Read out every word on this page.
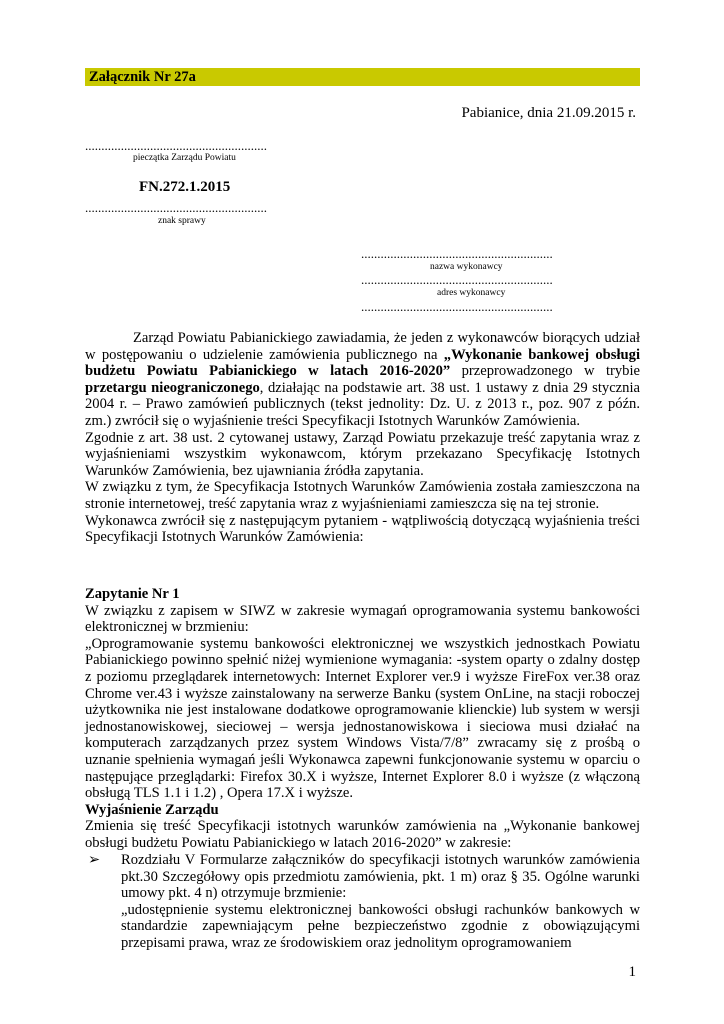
Załącznik Nr 27a
Pabianice, dnia 21.09.2015 r.
........................................................
pieczątka Zarządu Powiatu
FN.272.1.2015
........................................................
znak sprawy
...........................................................
nazwa wykonawcy
...........................................................
adres wykonawcy
...........................................................

Zarząd Powiatu Pabianickiego zawiadamia, że jeden z wykonawców biorących udział w postępowaniu o udzielenie zamówienia publicznego na „Wykonanie bankowej obsługi budżetu Powiatu Pabianickiego w latach 2016-2020” przeprowadzonego w trybie przetargu nieograniczonego, działając na podstawie art. 38 ust. 1 ustawy z dnia 29 stycznia 2004 r. – Prawo zamówień publicznych (tekst jednolity: Dz. U. z 2013 r., poz. 907 z późn. zm.) zwrócił się o wyjaśnienie treści Specyfikacji Istotnych Warunków Zamówienia.

Zgodnie z art. 38 ust. 2 cytowanej ustawy, Zarząd Powiatu przekazuje treść zapytania wraz z wyjaśnieniami wszystkim wykonawcom, którym przekazano Specyfikację Istotnych Warunków Zamówienia, bez ujawniania źródła zapytania.

W związku z tym, że Specyfikacja Istotnych Warunków Zamówienia została zamieszczona na stronie internetowej, treść zapytania wraz z wyjaśnieniami zamieszcza się na tej stronie.

Wykonawca zwrócił się z następującym pytaniem - wątpliwością dotyczącą wyjaśnienia treści Specyfikacji Istotnych Warunków Zamówienia:

Zapytanie Nr 1

W związku z zapisem w SIWZ w zakresie wymagań oprogramowania systemu bankowości elektronicznej w brzmieniu:

„Oprogramowanie systemu bankowości elektronicznej we wszystkich jednostkach Powiatu Pabianickiego powinno spełnić niżej wymienione wymagania: -system oparty o zdalny dostęp z poziomu przeglądarek internetowych: Internet Explorer ver.9 i wyższe FireFox ver.38 oraz Chrome ver.43 i wyższe zainstalowany na serwerze Banku (system OnLine, na stacji roboczej użytkownika nie jest instalowane dodatkowe oprogramowanie klienckie) lub system w wersji jednostanowiskowej, sieciowej – wersja jednostanowiskowa i sieciowa musi działać na komputerach zarządzanych przez system Windows Vista/7/8” zwracamy się z prośbą o uznanie spełnienia wymagań jeśli Wykonawca zapewni funkcjonowanie systemu w oparciu o następujące przeglądarki: Firefox 30.X i wyższe, Internet Explorer 8.0 i wyższe (z włączoną obsługą TLS 1.1 i 1.2) , Opera 17.X i wyższe.

Wyjaśnienie Zarządu

Zmienia się treść Specyfikacji istotnych warunków zamówienia na „Wykonanie bankowej obsługi budżetu Powiatu Pabianickiego w latach 2016-2020” w zakresie:

➢ Rozdziału V Formularze załączników do specyfikacji istotnych warunków zamówienia pkt.30 Szczegółowy opis przedmiotu zamówienia, pkt. 1 m) oraz § 35. Ogólne warunki umowy pkt. 4 n) otrzymuje brzmienie:
„udostępnienie systemu elektronicznej bankowości obsługi rachunków bankowych w standardzie zapewniającym pełne bezpieczeństwo zgodnie z obowiązującymi przepisami prawa, wraz ze środowiskiem oraz jednolitym oprogramowaniem
1
